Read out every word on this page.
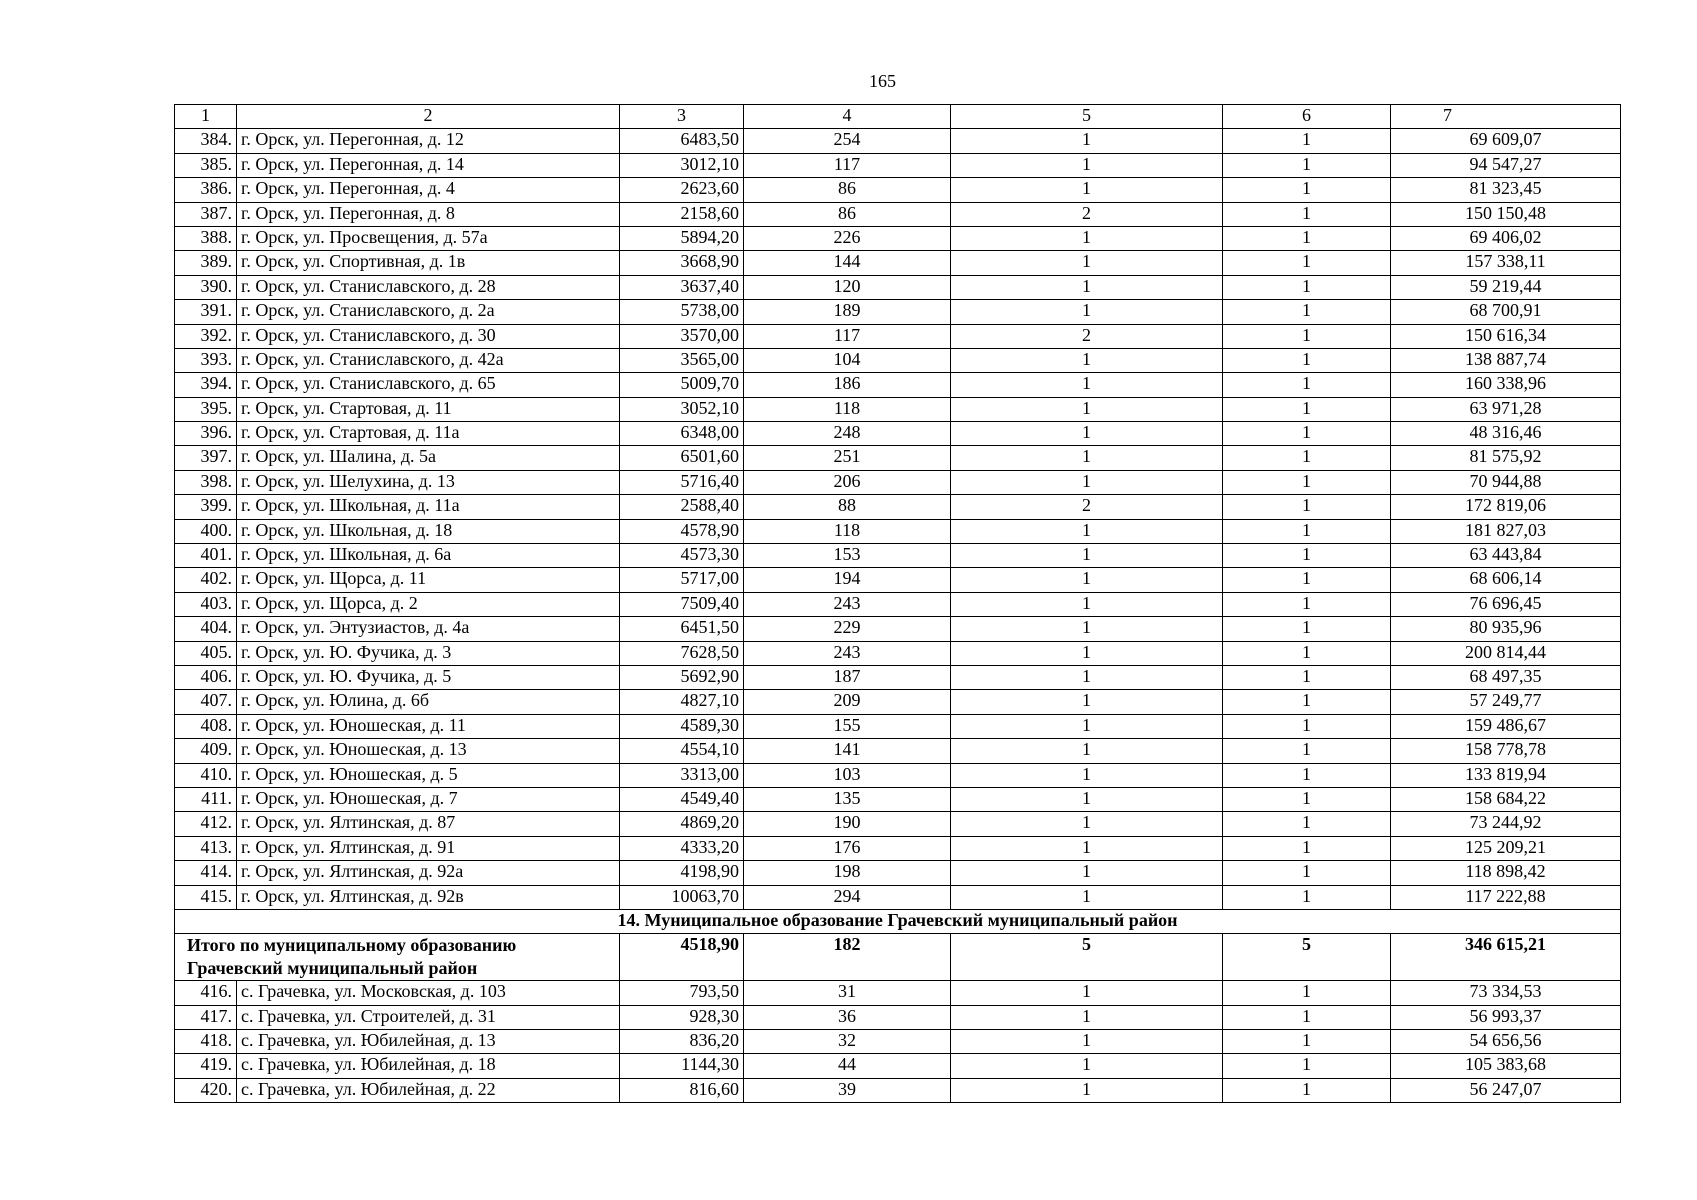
165
1	2	3	4	5	6	7
384.	г. Орск, ул. Перегонная, д. 12	6483,50	254	1	1	69 609,07
385.	г. Орск, ул. Перегонная, д. 14	3012,10	117	1	1	94 547,27
386.	г. Орск, ул. Перегонная, д. 4	2623,60	86	1	1	81 323,45
387.	г. Орск, ул. Перегонная, д. 8	2158,60	86	2	1	150 150,48
388.	г. Орск, ул. Просвещения, д. 57а	5894,20	226	1	1	69 406,02
389.	г. Орск, ул. Спортивная, д. 1в	3668,90	144	1	1	157 338,11
390.	г. Орск, ул. Станиславского, д. 28	3637,40	120	1	1	59 219,44
391.	г. Орск, ул. Станиславского, д. 2а	5738,00	189	1	1	68 700,91
392.	г. Орск, ул. Станиславского, д. 30	3570,00	117	2	1	150 616,34
393.	г. Орск, ул. Станиславского, д. 42а	3565,00	104	1	1	138 887,74
394.	г. Орск, ул. Станиславского, д. 65	5009,70	186	1	1	160 338,96
395.	г. Орск, ул. Стартовая, д. 11	3052,10	118	1	1	63 971,28
396.	г. Орск, ул. Стартовая, д. 11а	6348,00	248	1	1	48 316,46
397.	г. Орск, ул. Шалина, д. 5а	6501,60	251	1	1	81 575,92
398.	г. Орск, ул. Шелухина, д. 13	5716,40	206	1	1	70 944,88
399.	г. Орск, ул. Школьная, д. 11а	2588,40	88	2	1	172 819,06
400.	г. Орск, ул. Школьная, д. 18	4578,90	118	1	1	181 827,03
401.	г. Орск, ул. Школьная, д. 6а	4573,30	153	1	1	63 443,84
402.	г. Орск, ул. Щорса, д. 11	5717,00	194	1	1	68 606,14
403.	г. Орск, ул. Щорса, д. 2	7509,40	243	1	1	76 696,45
404.	г. Орск, ул. Энтузиастов, д. 4а	6451,50	229	1	1	80 935,96
405.	г. Орск, ул. Ю. Фучика, д. 3	7628,50	243	1	1	200 814,44
406.	г. Орск, ул. Ю. Фучика, д. 5	5692,90	187	1	1	68 497,35
407.	г. Орск, ул. Юлина, д. 6б	4827,10	209	1	1	57 249,77
408.	г. Орск, ул. Юношеская, д. 11	4589,30	155	1	1	159 486,67
409.	г. Орск, ул. Юношеская, д. 13	4554,10	141	1	1	158 778,78
410.	г. Орск, ул. Юношеская, д. 5	3313,00	103	1	1	133 819,94
411.	г. Орск, ул. Юношеская, д. 7	4549,40	135	1	1	158 684,22
412.	г. Орск, ул. Ялтинская, д. 87	4869,20	190	1	1	73 244,92
413.	г. Орск, ул. Ялтинская, д. 91	4333,20	176	1	1	125 209,21
414.	г. Орск, ул. Ялтинская, д. 92а	4198,90	198	1	1	118 898,42
415.	г. Орск, ул. Ялтинская, д. 92в	10063,70	294	1	1	117 222,88
14. Муниципальное образование Грачевский муниципальный район						
Итого по муниципальному образованию Грачевский муниципальный район		4518,90	182	5	5	346 615,21
416.	с. Грачевка, ул. Московская, д. 103	793,50	31	1	1	73 334,53
417.	с. Грачевка, ул. Строителей, д. 31	928,30	36	1	1	56 993,37
418.	с. Грачевка, ул. Юбилейная, д. 13	836,20	32	1	1	54 656,56
419.	с. Грачевка, ул. Юбилейная, д. 18	1144,30	44	1	1	105 383,68
420.	с. Грачевка, ул. Юбилейная, д. 22	816,60	39	1	1	56 247,07
